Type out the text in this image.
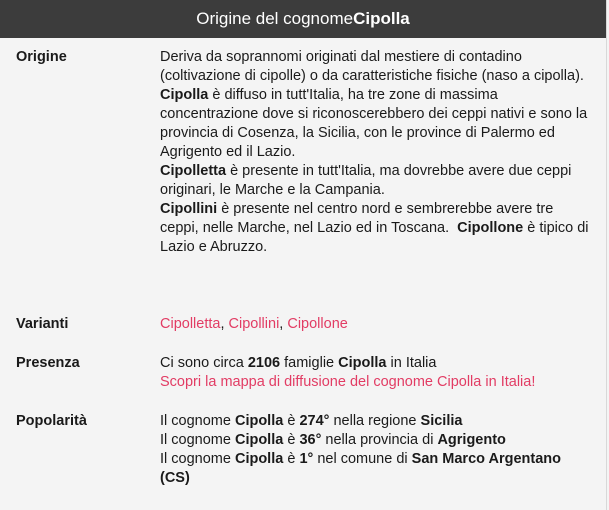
Origine del cognome Cipolla
Origine	Deriva da soprannomi originati dal mestiere di contadino (coltivazione di cipolle) o da caratteristiche fisiche (naso a cipolla).

Cipolla è diffuso in tutt'Italia, ha tre zone di massima concentrazione dove si riconoscerebbero dei ceppi nativi e sono la provincia di Cosenza, la Sicilia, con le province di Palermo ed Agrigento ed il Lazio.

Cipolletta è presente in tutt'Italia, ma dovrebbe avere due ceppi originari, le Marche e la Campania.

Cipollini è presente nel centro nord e sembrerebbe avere tre ceppi, nelle Marche, nel Lazio ed in Toscana.  Cipollone è tipico di Lazio e Abruzzo.

Varianti	Cipolletta, Cipollini, Cipollone
Presenza	Ci sono circa 2106 famiglie Cipolla in Italia

Scopri la mappa di diffusione del cognome Cipolla in Italia!

Popolarità	Il cognome Cipolla è 274° nella regione Sicilia

Il cognome Cipolla è 36° nella provincia di Agrigento

Il cognome Cipolla è 1° nel comune di San Marco Argentano (CS)
